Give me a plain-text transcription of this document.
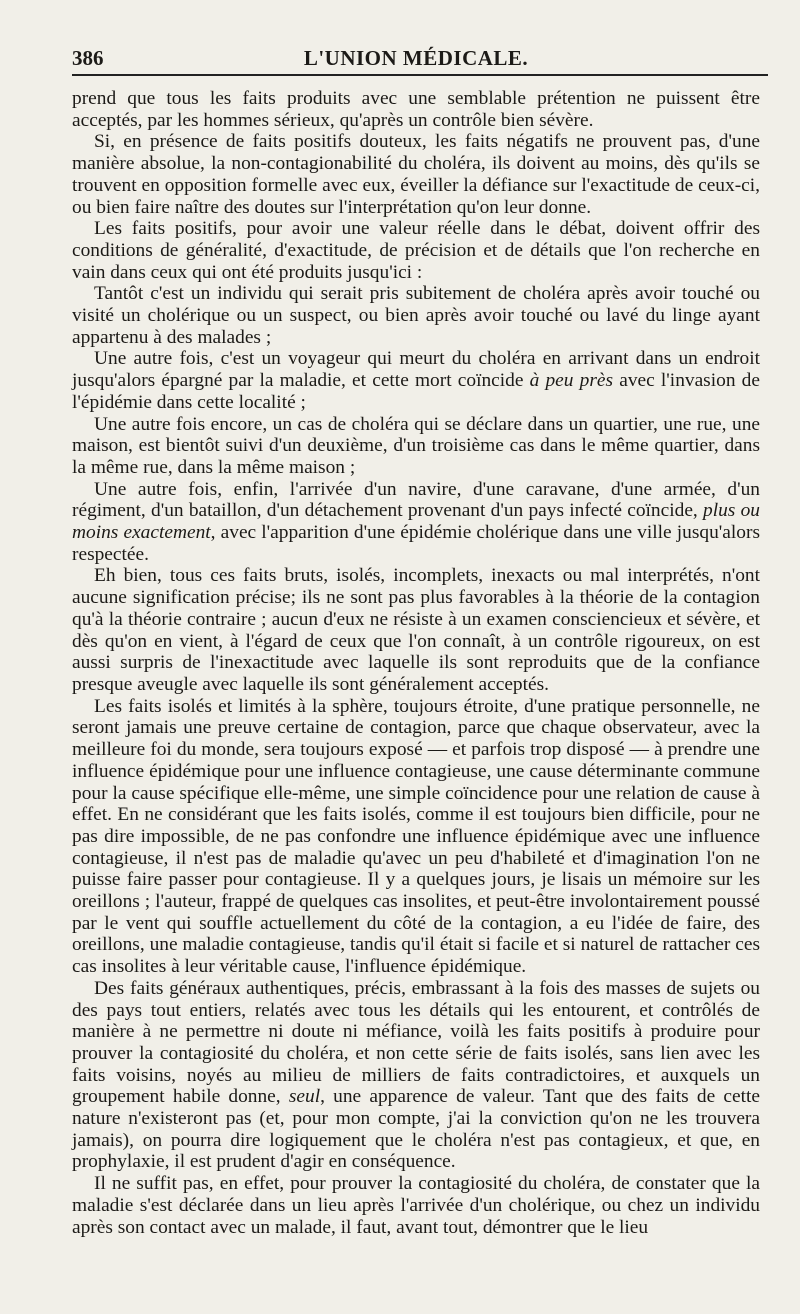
386	L'UNION MÉDICALE.

prend que tous les faits produits avec une semblable prétention ne puissent être acceptés, par les hommes sérieux, qu'après un contrôle bien sévère.

Si, en présence de faits positifs douteux, les faits négatifs ne prouvent pas, d'une manière absolue, la non-contagionabilité du choléra, ils doivent au moins, dès qu'ils se trouvent en opposition formelle avec eux, éveiller la défiance sur l'exactitude de ceux-ci, ou bien faire naître des doutes sur l'interprétation qu'on leur donne.

Les faits positifs, pour avoir une valeur réelle dans le débat, doivent offrir des conditions de généralité, d'exactitude, de précision et de détails que l'on recherche en vain dans ceux qui ont été produits jusqu'ici :

Tantôt c'est un individu qui serait pris subitement de choléra après avoir touché ou visité un cholérique ou un suspect, ou bien après avoir touché ou lavé du linge ayant appartenu à des malades ;

Une autre fois, c'est un voyageur qui meurt du choléra en arrivant dans un endroit jusqu'alors épargné par la maladie, et cette mort coïncide à peu près avec l'invasion de l'épidémie dans cette localité ;

Une autre fois encore, un cas de choléra qui se déclare dans un quartier, une rue, une maison, est bientôt suivi d'un deuxième, d'un troisième cas dans le même quartier, dans la même rue, dans la même maison ;

Une autre fois, enfin, l'arrivée d'un navire, d'une caravane, d'une armée, d'un régiment, d'un bataillon, d'un détachement provenant d'un pays infecté coïncide, plus ou moins exactement, avec l'apparition d'une épidémie cholérique dans une ville jusqu'alors respectée.

Eh bien, tous ces faits bruts, isolés, incomplets, inexacts ou mal interprétés, n'ont aucune signification précise; ils ne sont pas plus favorables à la théorie de la contagion qu'à la théorie contraire ; aucun d'eux ne résiste à un examen consciencieux et sévère, et dès qu'on en vient, à l'égard de ceux que l'on connaît, à un contrôle rigoureux, on est aussi surpris de l'inexactitude avec laquelle ils sont reproduits que de la confiance presque aveugle avec laquelle ils sont généralement acceptés.

Les faits isolés et limités à la sphère, toujours étroite, d'une pratique personnelle, ne seront jamais une preuve certaine de contagion, parce que chaque observateur, avec la meilleure foi du monde, sera toujours exposé — et parfois trop disposé — à prendre une influence épidémique pour une influence contagieuse, une cause déterminante commune pour la cause spécifique elle-même, une simple coïncidence pour une relation de cause à effet. En ne considérant que les faits isolés, comme il est toujours bien difficile, pour ne pas dire impossible, de ne pas confondre une influence épidémique avec une influence contagieuse, il n'est pas de maladie qu'avec un peu d'habileté et d'imagination l'on ne puisse faire passer pour contagieuse. Il y a quelques jours, je lisais un mémoire sur les oreillons ; l'auteur, frappé de quelques cas insolites, et peut-être involontairement poussé par le vent qui souffle actuellement du côté de la contagion, a eu l'idée de faire, des oreillons, une maladie contagieuse, tandis qu'il était si facile et si naturel de rattacher ces cas insolites à leur véritable cause, l'influence épidémique.

Des faits généraux authentiques, précis, embrassant à la fois des masses de sujets ou des pays tout entiers, relatés avec tous les détails qui les entourent, et contrôlés de manière à ne permettre ni doute ni méfiance, voilà les faits positifs à produire pour prouver la contagiosité du choléra, et non cette série de faits isolés, sans lien avec les faits voisins, noyés au milieu de milliers de faits contradictoires, et auxquels un groupement habile donne, seul, une apparence de valeur. Tant que des faits de cette nature n'existeront pas (et, pour mon compte, j'ai la conviction qu'on ne les trouvera jamais), on pourra dire logiquement que le choléra n'est pas contagieux, et que, en prophylaxie, il est prudent d'agir en conséquence.

Il ne suffit pas, en effet, pour prouver la contagiosité du choléra, de constater que la maladie s'est déclarée dans un lieu après l'arrivée d'un cholérique, ou chez un individu après son contact avec un malade, il faut, avant tout, démontrer que le lieu
